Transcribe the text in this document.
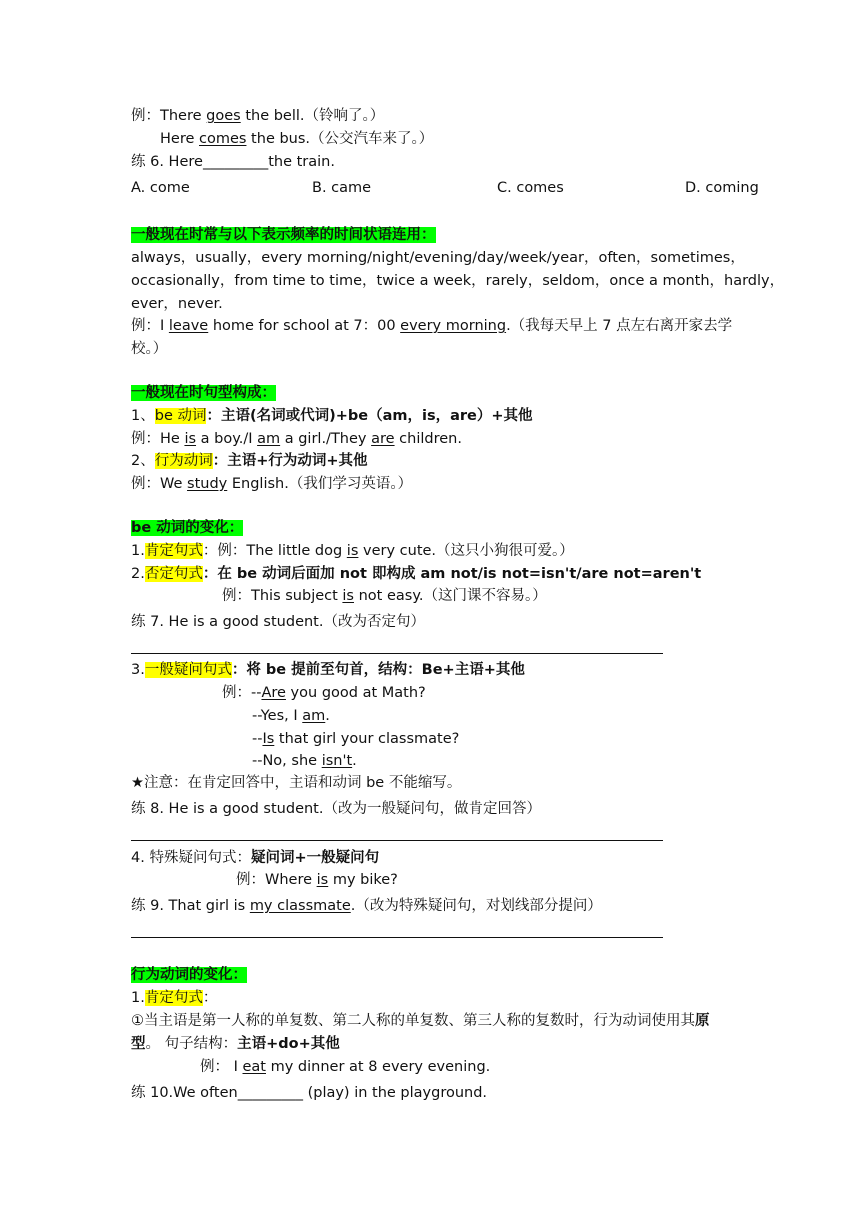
例：There goes the bell.（铃响了。）
Here comes the bus.（公交汽车来了。）
练 6. Here_________the train.
A. come	B. came	C. comes	D. coming
一般现在时常与以下表示频率的时间状语连用：
always，usually，every morning/night/evening/day/week/year，often，sometimes，
occasionally，from time to time，twice a week，rarely，seldom，once a month，hardly，
ever，never.
例：I leave home for school at 7：00 every morning.（我每天早上 7 点左右离开家去学
校。）
一般现在时句型构成：
1、be 动词：主语(名词或代词)+be（am，is，are）+其他
例：He is a boy./I am a girl./They are children.
2、行为动词：主语+行为动词+其他
例：We study English.（我们学习英语。）
be 动词的变化：
1.肯定句式：例：The little dog is very cute.（这只小狗很可爱。）
2.否定句式：在 be 动词后面加 not 即构成 am not/is not=isn't/are not=aren't
例：This subject is not easy.（这门课不容易。）
练 7. He is a good student.（改为否定句）
3.一般疑问句式：将 be 提前至句首，结构：Be+主语+其他
例：--Are you good at Math?
--Yes, I am.
--Is that girl your classmate?
--No, she isn't.
★注意：在肯定回答中，主语和动词 be 不能缩写。
练 8. He is a good student.（改为一般疑问句，做肯定回答）
4. 特殊疑问句式：疑问词+一般疑问句
例：Where is my bike?
练 9. That girl is my classmate.（改为特殊疑问句，对划线部分提问）
行为动词的变化：
1.肯定句式：
①当主语是第一人称的单复数、第二人称的单复数、第三人称的复数时，行为动词使用其原
型。 句子结构：主语+do+其他
例： I eat my dinner at 8 every evening.
练 10.We often_________ (play) in the playground.
